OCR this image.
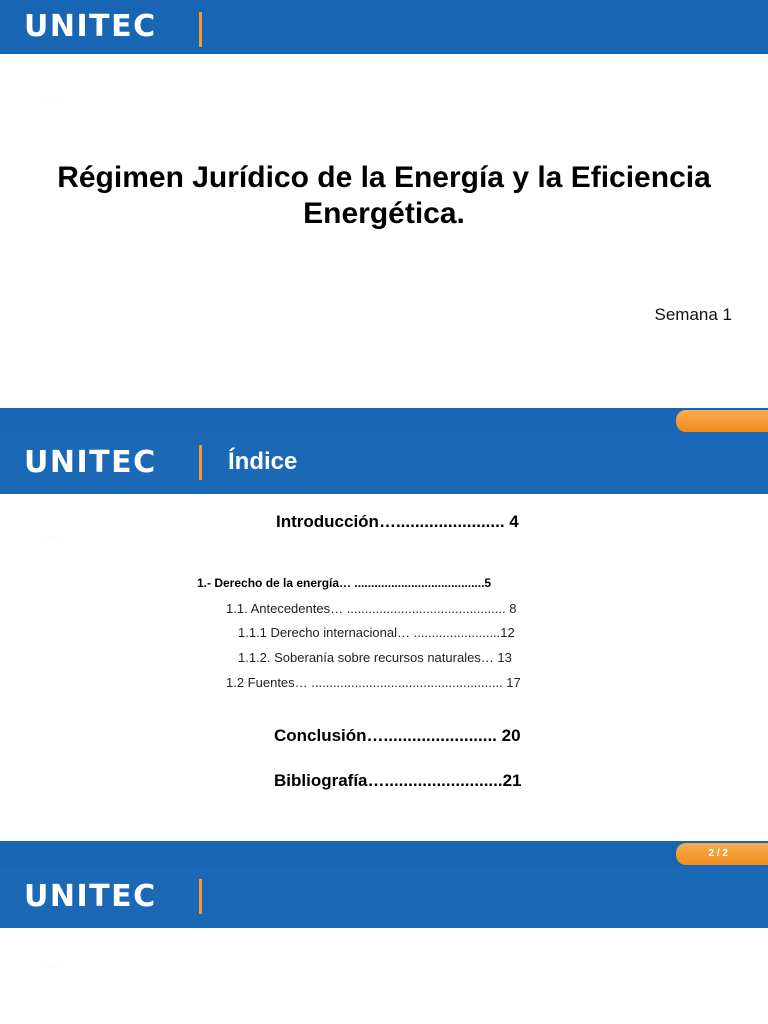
UNITEC
·······
Régimen Jurídico de la Energía y la Eficiencia
Energética.
Semana 1
UNITEC	Índice
·······
Introducción…....................... 4
1.- Derecho de la energía… .......................................5
1.1. Antecedentes… ............................................ 8
1.1.1 Derecho internacional… ........................12
1.1.2. Soberanía sobre recursos naturales… 13
1.2 Fuentes… ..................................................... 17
Conclusión…........................ 20
Bibliografía….........................21
2 / 2
UNITEC
·······
